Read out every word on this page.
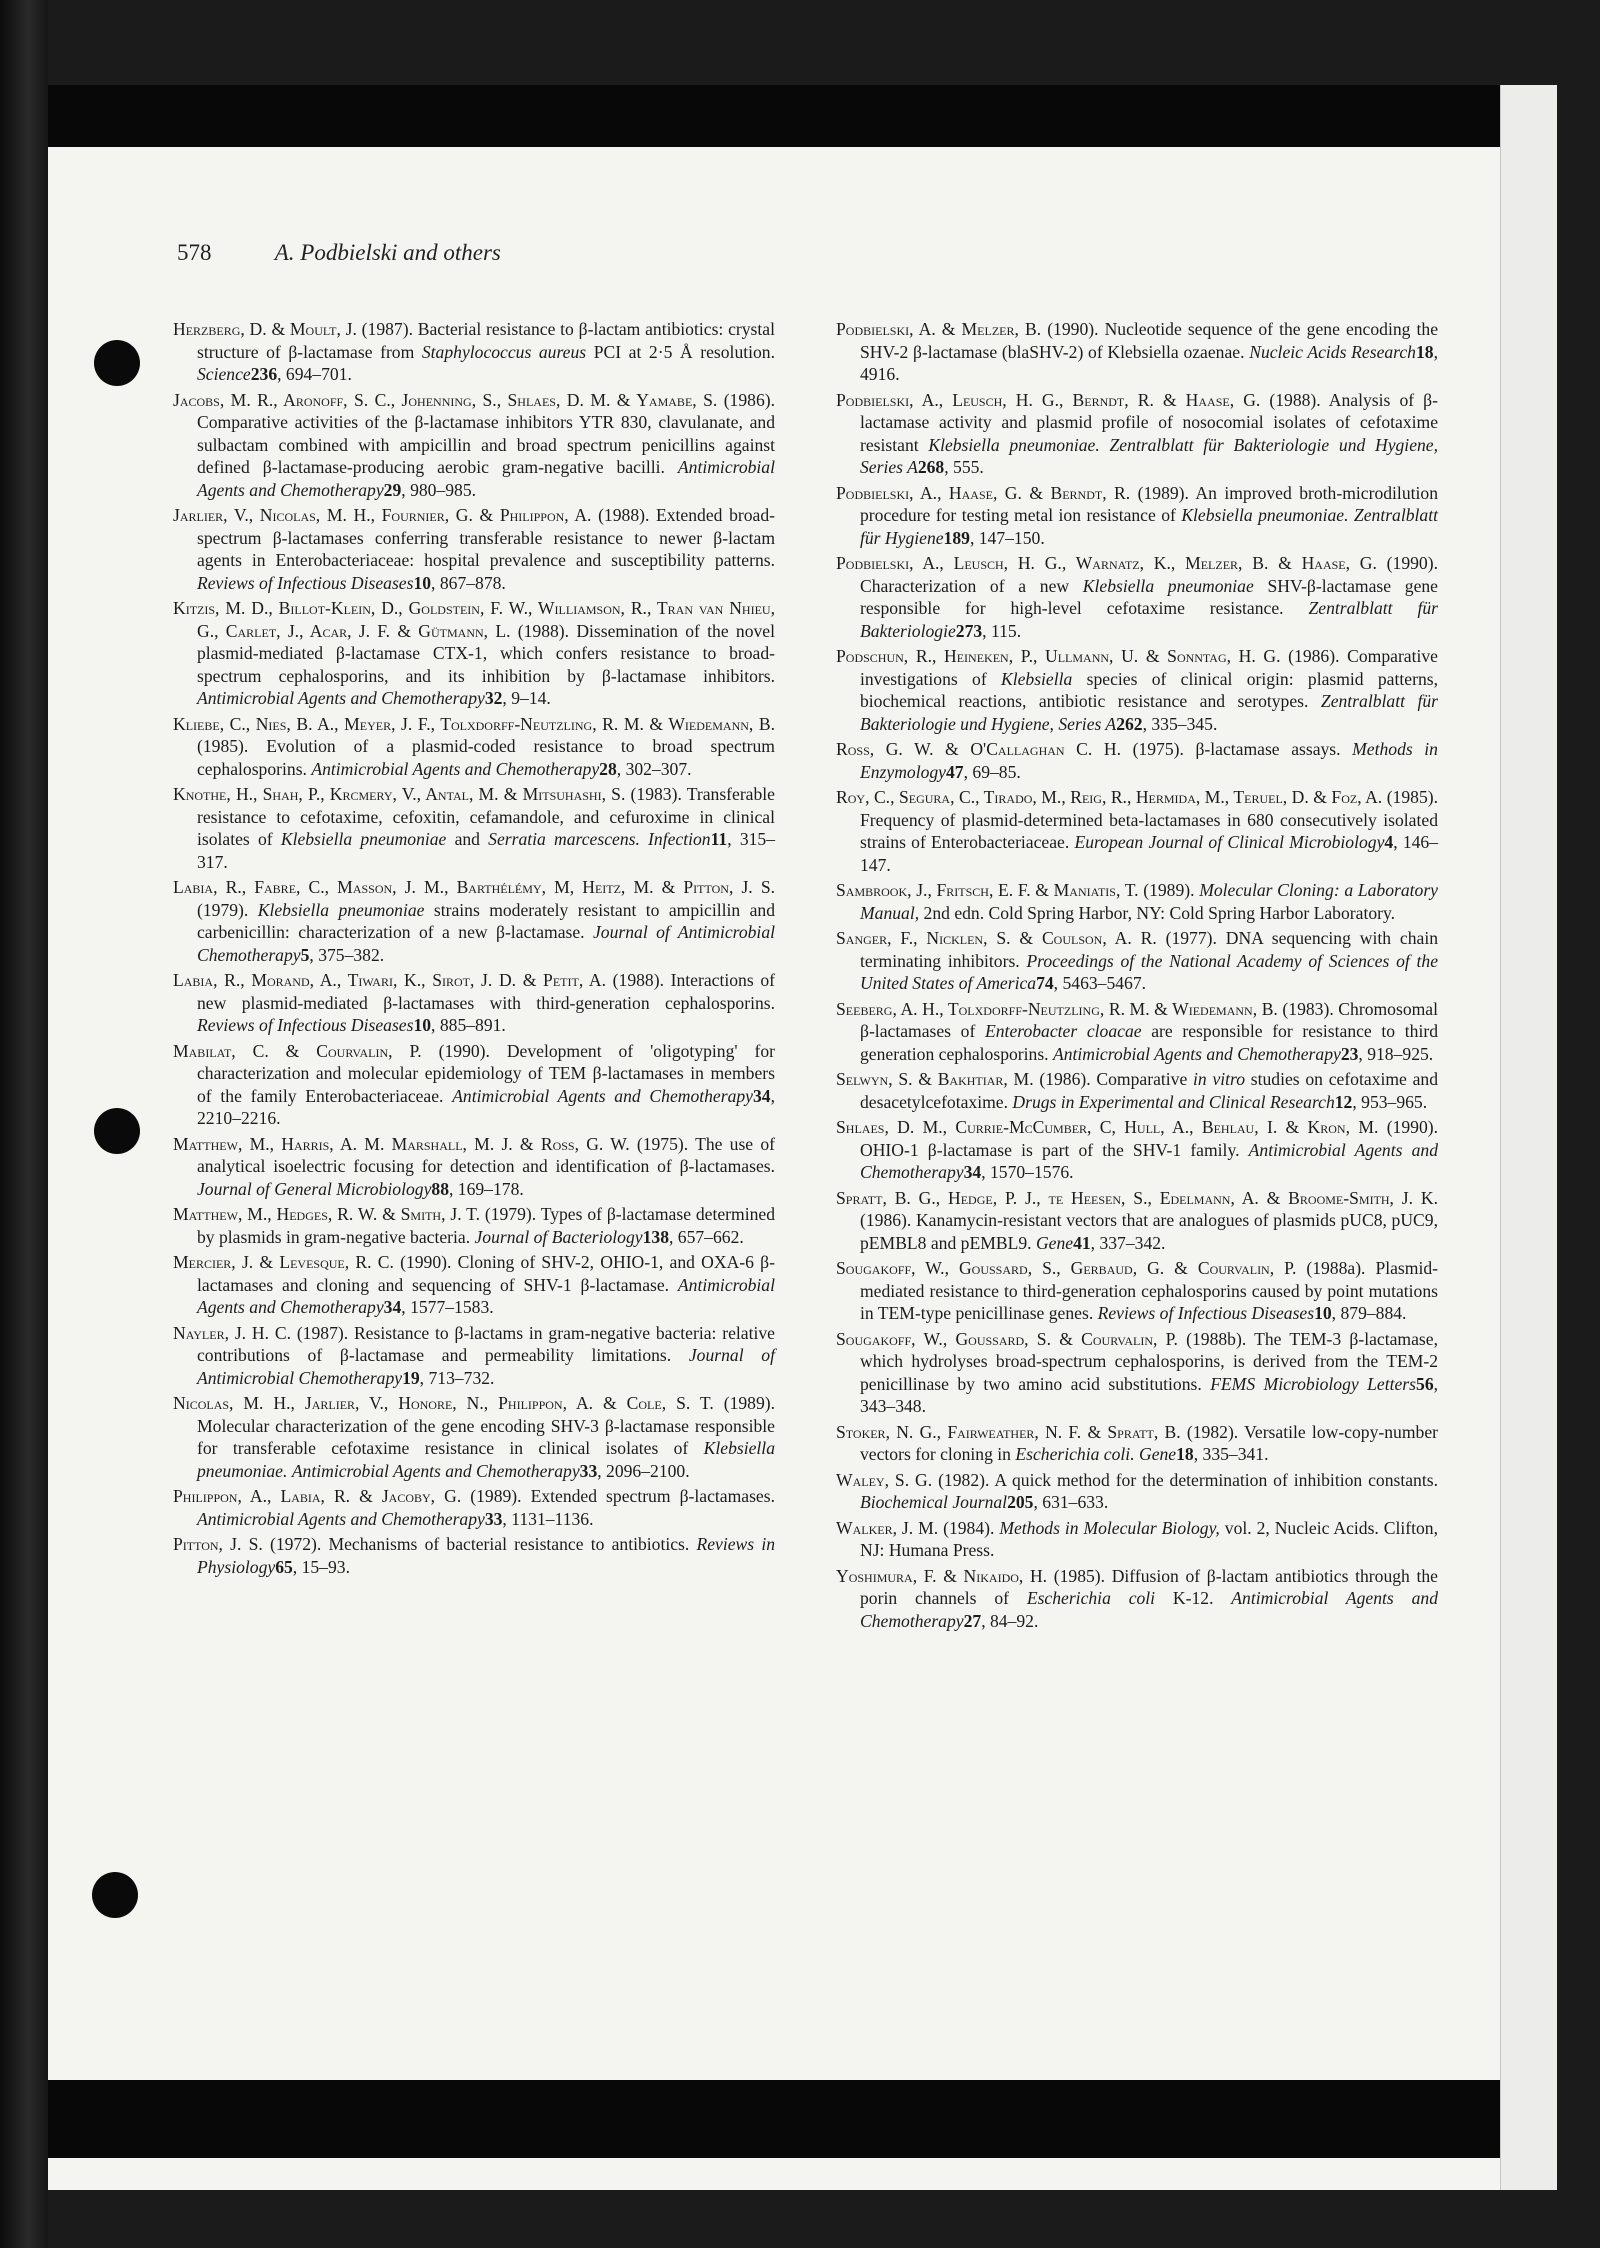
578	A. Podbielski and others

Herzberg, D. & Moult, J. (1987). Bacterial resistance to β-lactam antibiotics: crystal structure of β-lactamase from Staphylococcus aureus PCI at 2·5 Å resolution. Science236, 694–701.

Jacobs, M. R., Aronoff, S. C., Johenning, S., Shlaes, D. M. & Yamabe, S. (1986). Comparative activities of the β-lactamase inhibitors YTR 830, clavulanate, and sulbactam combined with ampicillin and broad spectrum penicillins against defined β-lactamase-producing aerobic gram-negative bacilli. Antimicrobial Agents and Chemotherapy29, 980–985.

Jarlier, V., Nicolas, M. H., Fournier, G. & Philippon, A. (1988). Extended broad-spectrum β-lactamases conferring transferable resistance to newer β-lactam agents in Enterobacteriaceae: hospital prevalence and susceptibility patterns. Reviews of Infectious Diseases10, 867–878.

Kitzis, M. D., Billot-Klein, D., Goldstein, F. W., Williamson, R., Tran van Nhieu, G., Carlet, J., Acar, J. F. & Gütmann, L. (1988). Dissemination of the novel plasmid-mediated β-lactamase CTX-1, which confers resistance to broad-spectrum cephalosporins, and its inhibition by β-lactamase inhibitors. Antimicrobial Agents and Chemotherapy32, 9–14.

Kliebe, C., Nies, B. A., Meyer, J. F., Tolxdorff-Neutzling, R. M. & Wiedemann, B. (1985). Evolution of a plasmid-coded resistance to broad spectrum cephalosporins. Antimicrobial Agents and Chemotherapy28, 302–307.

Knothe, H., Shah, P., Krcmery, V., Antal, M. & Mitsuhashi, S. (1983). Transferable resistance to cefotaxime, cefoxitin, cefamandole, and cefuroxime in clinical isolates of Klebsiella pneumoniae and Serratia marcescens. Infection11, 315–317.

Labia, R., Fabre, C., Masson, J. M., Barthélémy, M, Heitz, M. & Pitton, J. S. (1979). Klebsiella pneumoniae strains moderately resistant to ampicillin and carbenicillin: characterization of a new β-lactamase. Journal of Antimicrobial Chemotherapy5, 375–382.

Labia, R., Morand, A., Tiwari, K., Sirot, J. D. & Petit, A. (1988). Interactions of new plasmid-mediated β-lactamases with third-generation cephalosporins. Reviews of Infectious Diseases10, 885–891.

Mabilat, C. & Courvalin, P. (1990). Development of 'oligotyping' for characterization and molecular epidemiology of TEM β-lactamases in members of the family Enterobacteriaceae. Antimicrobial Agents and Chemotherapy34, 2210–2216.

Matthew, M., Harris, A. M. Marshall, M. J. & Ross, G. W. (1975). The use of analytical isoelectric focusing for detection and identification of β-lactamases. Journal of General Microbiology88, 169–178.

Matthew, M., Hedges, R. W. & Smith, J. T. (1979). Types of β-lactamase determined by plasmids in gram-negative bacteria. Journal of Bacteriology138, 657–662.

Mercier, J. & Levesque, R. C. (1990). Cloning of SHV-2, OHIO-1, and OXA-6 β-lactamases and cloning and sequencing of SHV-1 β-lactamase. Antimicrobial Agents and Chemotherapy34, 1577–1583.

Nayler, J. H. C. (1987). Resistance to β-lactams in gram-negative bacteria: relative contributions of β-lactamase and permeability limitations. Journal of Antimicrobial Chemotherapy19, 713–732.

Nicolas, M. H., Jarlier, V., Honore, N., Philippon, A. & Cole, S. T. (1989). Molecular characterization of the gene encoding SHV-3 β-lactamase responsible for transferable cefotaxime resistance in clinical isolates of Klebsiella pneumoniae. Antimicrobial Agents and Chemotherapy33, 2096–2100.

Philippon, A., Labia, R. & Jacoby, G. (1989). Extended spectrum β-lactamases. Antimicrobial Agents and Chemotherapy33, 1131–1136.

Pitton, J. S. (1972). Mechanisms of bacterial resistance to antibiotics. Reviews in Physiology65, 15–93.

Podbielski, A. & Melzer, B. (1990). Nucleotide sequence of the gene encoding the SHV-2 β-lactamase (blaSHV-2) of Klebsiella ozaenae. Nucleic Acids Research18, 4916.

Podbielski, A., Leusch, H. G., Berndt, R. & Haase, G. (1988). Analysis of β-lactamase activity and plasmid profile of nosocomial isolates of cefotaxime resistant Klebsiella pneumoniae. Zentralblatt für Bakteriologie und Hygiene, Series A268, 555.

Podbielski, A., Haase, G. & Berndt, R. (1989). An improved broth-microdilution procedure for testing metal ion resistance of Klebsiella pneumoniae. Zentralblatt für Hygiene189, 147–150.

Podbielski, A., Leusch, H. G., Warnatz, K., Melzer, B. & Haase, G. (1990). Characterization of a new Klebsiella pneumoniae SHV-β-lactamase gene responsible for high-level cefotaxime resistance. Zentralblatt für Bakteriologie273, 115.

Podschun, R., Heineken, P., Ullmann, U. & Sonntag, H. G. (1986). Comparative investigations of Klebsiella species of clinical origin: plasmid patterns, biochemical reactions, antibiotic resistance and serotypes. Zentralblatt für Bakteriologie und Hygiene, Series A262, 335–345.

Ross, G. W. & O'Callaghan C. H. (1975). β-lactamase assays. Methods in Enzymology47, 69–85.

Roy, C., Segura, C., Tirado, M., Reig, R., Hermida, M., Teruel, D. & Foz, A. (1985). Frequency of plasmid-determined beta-lactamases in 680 consecutively isolated strains of Enterobacteriaceae. European Journal of Clinical Microbiology4, 146–147.

Sambrook, J., Fritsch, E. F. & Maniatis, T. (1989). Molecular Cloning: a Laboratory Manual, 2nd edn. Cold Spring Harbor, NY: Cold Spring Harbor Laboratory.

Sanger, F., Nicklen, S. & Coulson, A. R. (1977). DNA sequencing with chain terminating inhibitors. Proceedings of the National Academy of Sciences of the United States of America74, 5463–5467.

Seeberg, A. H., Tolxdorff-Neutzling, R. M. & Wiedemann, B. (1983). Chromosomal β-lactamases of Enterobacter cloacae are responsible for resistance to third generation cephalosporins. Antimicrobial Agents and Chemotherapy23, 918–925.

Selwyn, S. & Bakhtiar, M. (1986). Comparative in vitro studies on cefotaxime and desacetylcefotaxime. Drugs in Experimental and Clinical Research12, 953–965.

Shlaes, D. M., Currie-McCumber, C, Hull, A., Behlau, I. & Kron, M. (1990). OHIO-1 β-lactamase is part of the SHV-1 family. Antimicrobial Agents and Chemotherapy34, 1570–1576.

Spratt, B. G., Hedge, P. J., te Heesen, S., Edelmann, A. & Broome-Smith, J. K. (1986). Kanamycin-resistant vectors that are analogues of plasmids pUC8, pUC9, pEMBL8 and pEMBL9. Gene41, 337–342.

Sougakoff, W., Goussard, S., Gerbaud, G. & Courvalin, P. (1988a). Plasmid-mediated resistance to third-generation cephalosporins caused by point mutations in TEM-type penicillinase genes. Reviews of Infectious Diseases10, 879–884.

Sougakoff, W., Goussard, S. & Courvalin, P. (1988b). The TEM-3 β-lactamase, which hydrolyses broad-spectrum cephalosporins, is derived from the TEM-2 penicillinase by two amino acid substitutions. FEMS Microbiology Letters56, 343–348.

Stoker, N. G., Fairweather, N. F. & Spratt, B. (1982). Versatile low-copy-number vectors for cloning in Escherichia coli. Gene18, 335–341.

Waley, S. G. (1982). A quick method for the determination of inhibition constants. Biochemical Journal205, 631–633.

Walker, J. M. (1984). Methods in Molecular Biology, vol. 2, Nucleic Acids. Clifton, NJ: Humana Press.

Yoshimura, F. & Nikaido, H. (1985). Diffusion of β-lactam antibiotics through the porin channels of Escherichia coli K-12. Antimicrobial Agents and Chemotherapy27, 84–92.
